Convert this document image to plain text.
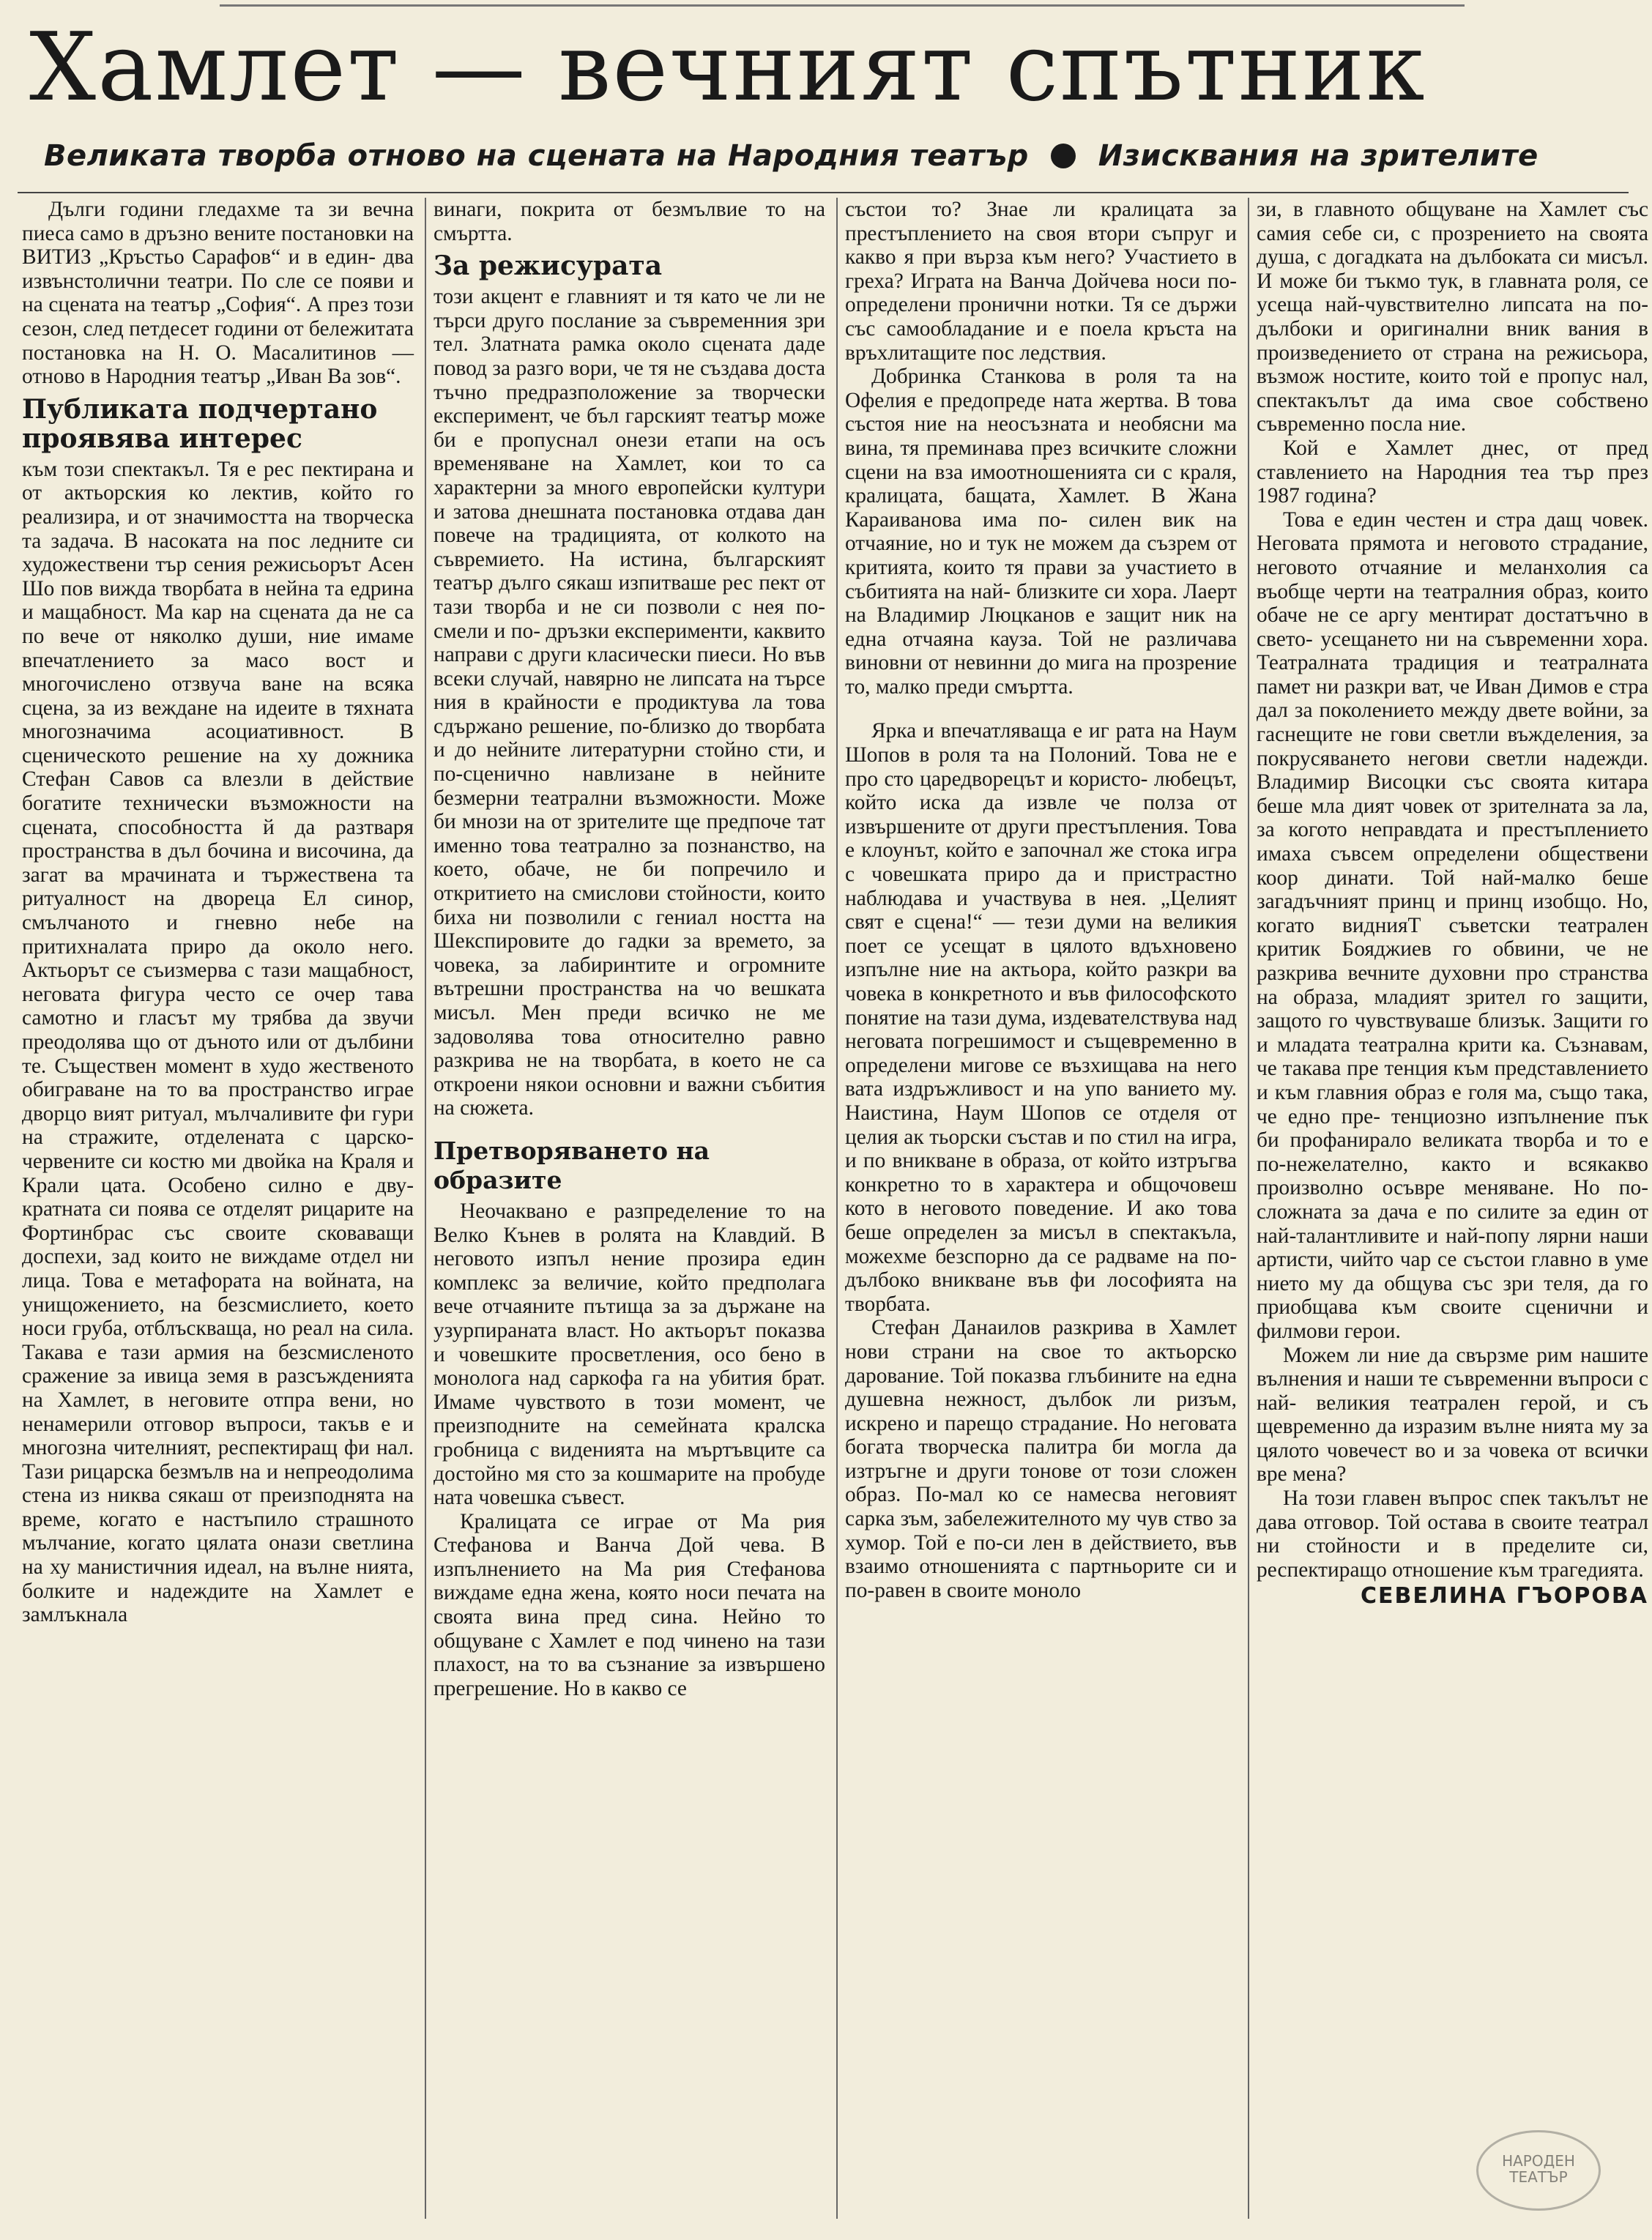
Хамлет — вечният спътник
Великата творба отново на сцената на Народния театър Изисквания на зрителите

Дълги години гледахме та зи вечна пиеса само в дръзно вените постановки на ВИТИЗ „Кръстьо Сарафов“ и в един- два извънстолични театри. По сле се появи и на сцената на театър „София“. А през този сезон, след петдесет години от бележитата постановка на Н. О. Масалитинов — отново в Народния театър „Иван Ва зов“.

Публиката подчертано проявява интерес

към този спектакъл. Тя е рес пектирана и от актьорския ко лектив, който го реализира, и от значимостта на творческа та задача. В насоката на пос ледните си художествени тър сения режисьорът Асен Шо пов вижда творбата в нейна та едрина и мащабност. Ма кар на сцената да не са по вече от няколко души, ние имаме впечатлението за масо вост и многочислено отзвуча ване на всяка сцена, за из веждане на идеите в тяхната многозначима асоциативност. В сценическото решение на ху дожника Стефан Савов са влезли в действие богатите технически възможности на сцената, способността й да разтваря пространства в дъл бочина и височина, да загат ва мрачината и тържествена та ритуалност на двореца Ел синор, смълчаното и гневно небе на притихналата приро да около него. Актьорът се съизмерва с тази мащабност, неговата фигура често се очер тава самотно и гласът му трябва да звучи преодолява що от дъното или от дълбини те. Съществен момент в худо жественото обиграване на то ва пространство играе дворцо вият ритуал, мълчаливите фи гури на стражите, отделената с царско-червените си костю ми двойка на Краля и Крали цата. Особено силно е дву- кратната си поява се отделят рицарите на Фортинбрас със своите сковаващи доспехи, зад които не виждаме отдел ни лица. Това е метафората на войната, на унищожението, на безсмислието, което носи груба, отблъскваща, но реал на сила. Такава е тази армия на безсмисленото сражение за ивица земя в разсъжденията на Хамлет, в неговите отпра вени, но ненамерили отговор въпроси, такъв е и многозна чителният, респектиращ фи нал. Тази рицарска безмълв на и непреодолима стена из никва сякаш от преизподнята на време, когато е настъпило страшното мълчание, когато цялата онази светлина на ху манистичния идеал, на вълне нията, болките и надеждите на Хамлет е замлъкнала

винаги, покрита от безмълвие то на смъртта.

За режисурата

този акцент е главният и тя като че ли не търси друго послание за съвременния зри тел. Златната рамка около сцената даде повод за разго вори, че тя не създава доста тъчно предразположение за творчески експеримент, че бъл гарският театър може би е пропуснал онези етапи на осъ временяване на Хамлет, кои то са характерни за много европейски култури и затова днешната постановка отдава дан повече на традицията, от колкото на съвремието. На истина, българският театър дълго сякаш изпитваше рес пект от тази творба и не си позволи с нея по-смели и по- дръзки експерименти, каквито направи с други класически пиеси. Но във всеки случай, навярно не липсата на търсе ния в крайности е продиктува ла това сдържано решение, по-близко до творбата и до нейните литературни стойно сти, и по-сценично навлизане в нейните безмерни театрални възможности. Може би мнози на от зрителите ще предпоче тат именно това театрално за познанство, на което, обаче, не би попречило и откритието на смислови стойности, които биха ни позволили с гениал ността на Шекспировите до гадки за времето, за човека, за лабиринтите и огромните вътрешни пространства на чо вешката мисъл. Мен преди всичко не ме задоволява това относително равно разкрива не на творбата, в което не са откроени някои основни и важни събития на сюжета.

Претворяването на образите

Неочаквано е разпределение то на Велко Кънев в ролята на Клавдий. В неговото изпъл нение прозира един комплекс за величие, който предполага вече отчаяните пътища за за държане на узурпираната власт. Но актьорът показва и човешките просветления, осо бено в монолога над саркофа га на убития брат. Имаме чувството в този момент, че преизподните на семейната кралска гробница с виденията на мъртъвците са достойно мя сто за кошмарите на пробуде ната човешка съвест.

Кралицата се играе от Ма рия Стефанова и Ванча Дой чева. В изпълнението на Ма рия Стефанова виждаме една жена, която носи печата на своята вина пред сина. Нейно то общуване с Хамлет е под чинено на тази плахост, на то ва съзнание за извършено прегрешение. Но в какво се

състои то? Знае ли кралицата за престъплението на своя втори съпруг и какво я при върза към него? Участието в греха? Играта на Ванча Дойчева носи по-определени пронични нотки. Тя се държи със самообладание и е поела кръста на връхлитащите пос ледствия.

Добринка Станкова в роля та на Офелия е предопреде ната жертва. В това състоя ние на неосъзната и необясни ма вина, тя преминава през всичките сложни сцени на вза имоотношенията си с краля, кралицата, бащата, Хамлет. В Жана Караиванова има по- силен вик на отчаяние, но и тук не можем да съзрем от критията, които тя прави за участието в събитията на най- близките си хора. Лаерт на Владимир Люцканов е защит ник на една отчаяна кауза. Той не различава виновни от невинни до мига на прозрение то, малко преди смъртта.

Ярка и впечатляваща е иг рата на Наум Шопов в роля та на Полоний. Това не е про сто царедворецът и користо- любецът, който иска да извле че полза от извършените от други престъпления. Това е клоунът, който е започнал же стока игра с човешката приро да и пристрастно наблюдава и участвува в нея. „Целият свят е сцена!“ — тези думи на великия поет се усещат в цялото вдъхновено изпълне ние на актьора, който разкри ва човека в конкретното и във философското понятие на тази дума, издевателствува над неговата погрешимост и същевременно в определени мигове се възхищава на него вата издръжливост и на упо ванието му. Наистина, Наум Шопов се отделя от целия ак тьорски състав и по стил на игра, и по вникване в образа, от който изтръгва конкретно то в характера и общочовеш кото в неговото поведение. И ако това беше определен за мисъл в спектакъла, можехме безспорно да се радваме на по-дълбоко вникване във фи лософията на творбата.

Стефан Данаилов разкрива в Хамлет нови страни на свое то актьорско дарование. Той показва глъбините на една душевна нежност, дълбок ли ризъм, искрено и парещо страдание. Но неговата богата творческа палитра би могла да изтръгне и други тонове от този сложен образ. По-мал ко се намесва неговият сарка зъм, забележителното му чув ство за хумор. Той е по-си лен в действието, във взаимо отношенията с партньорите си и по-равен в своите моноло

зи, в главното общуване на Хамлет със самия себе си, с прозрението на своята душа, с догадката на дълбоката си мисъл. И може би тъкмо тук, в главната роля, се усеща най-чувствително липсата на по-дълбоки и оригинални вник вания в произведението от страна на режисьора, възмож ностите, които той е пропус нал, спектакълът да има свое собствено съвременно посла ние.

Кой е Хамлет днес, от пред ставлението на Народния теа тър през 1987 година?

Това е един честен и стра дащ човек. Неговата прямота и неговото страдание, неговото отчаяние и меланхолия са въобще черти на театралния образ, които обаче не се аргу ментират достатъчно в свето- усещането ни на съвременни хора. Театралната традиция и театралната памет ни разкри ват, че Иван Димов е стра дал за поколението между двете войни, за гаснещите не гови светли въжделения, за покрусяването негови светли надежди. Владимир Висоцки със своята китара беше мла дият човек от зрителната за ла, за когото неправдата и престъплението имаха съвсем определени обществени коор динати. Той най-малко беше загадъчният принц и принц изобщо. Но, когато виднияТ съветски театрален критик Бояджиев го обвини, че не разкрива вечните духовни про странства на образа, младият зрител го защити, защото го чувствуваше близък. Защити го и младата театрална крити ка. Съзнавам, че такава пре тенция към представлението и към главния образ е голя ма, също така, че едно пре- тенциозно изпълнение пък би профанирало великата творба и то е по-нежелателно, както и всякакво произволно осъвре меняване. Но по-сложната за дача е по силите за един от най-талантливите и най-попу лярни наши артисти, чийто чар се състои главно в уме нието му да общува със зри теля, да го приобщава към своите сценични и филмови герои.

Можем ли ние да свързме рим нашите вълнения и наши те съвременни въпроси с най- великия театрален герой, и съ щевременно да изразим вълне нията му за цялото човечест во и за човека от всички вре мена?

На този главен въпрос спек такълът не дава отговор. Той остава в своите театрал ни стойности и в пределите си, респектиращо отношение към трагедията.

СЕВЕЛИНА ГЪОРОВА
НАРОДЕН
ТЕАТЪР
